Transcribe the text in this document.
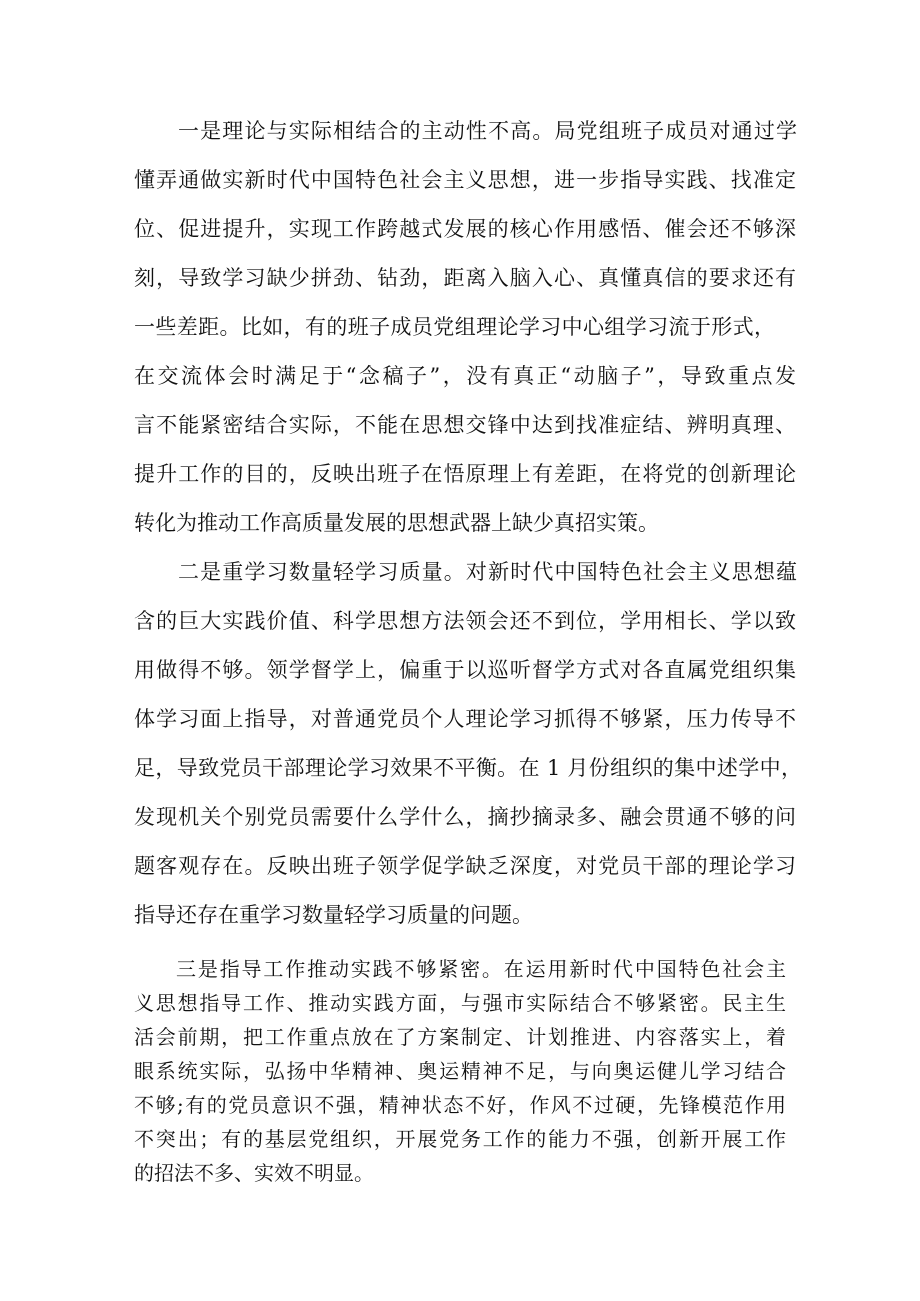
一是理论与实际相结合的主动性不高。局党组班子成员对通过学
懂弄通做实新时代中国特色社会主义思想，进一步指导实践、找准定
位、促进提升，实现工作跨越式发展的核心作用感悟、催会还不够深
刻，导致学习缺少拼劲、钻劲，距离入脑入心、真懂真信的要求还有
一些差距。比如，有的班子成员党组理论学习中心组学习流于形式，
在交流体会时满足于“念稿子”，没有真正“动脑子”，导致重点发
言不能紧密结合实际，不能在思想交锋中达到找准症结、辨明真理、
提升工作的目的，反映出班子在悟原理上有差距，在将党的创新理论
转化为推动工作高质量发展的思想武器上缺少真招实策。
二是重学习数量轻学习质量。对新时代中国特色社会主义思想蕴
含的巨大实践价值、科学思想方法领会还不到位，学用相长、学以致
用做得不够。领学督学上，偏重于以巡听督学方式对各直属党组织集
体学习面上指导，对普通党员个人理论学习抓得不够紧，压力传导不
足，导致党员干部理论学习效果不平衡。在 1 月份组织的集中述学中，
发现机关个别党员需要什么学什么，摘抄摘录多、融会贯通不够的问
题客观存在。反映出班子领学促学缺乏深度，对党员干部的理论学习
指导还存在重学习数量轻学习质量的问题。
三是指导工作推动实践不够紧密。在运用新时代中国特色社会主
义思想指导工作、推动实践方面，与强市实际结合不够紧密。民主生
活会前期，把工作重点放在了方案制定、计划推进、内容落实上，着
眼系统实际，弘扬中华精神、奥运精神不足，与向奥运健儿学习结合
不够;有的党员意识不强，精神状态不好，作风不过硬，先锋模范作用
不突出；有的基层党组织，开展党务工作的能力不强，创新开展工作
的招法不多、实效不明显。
